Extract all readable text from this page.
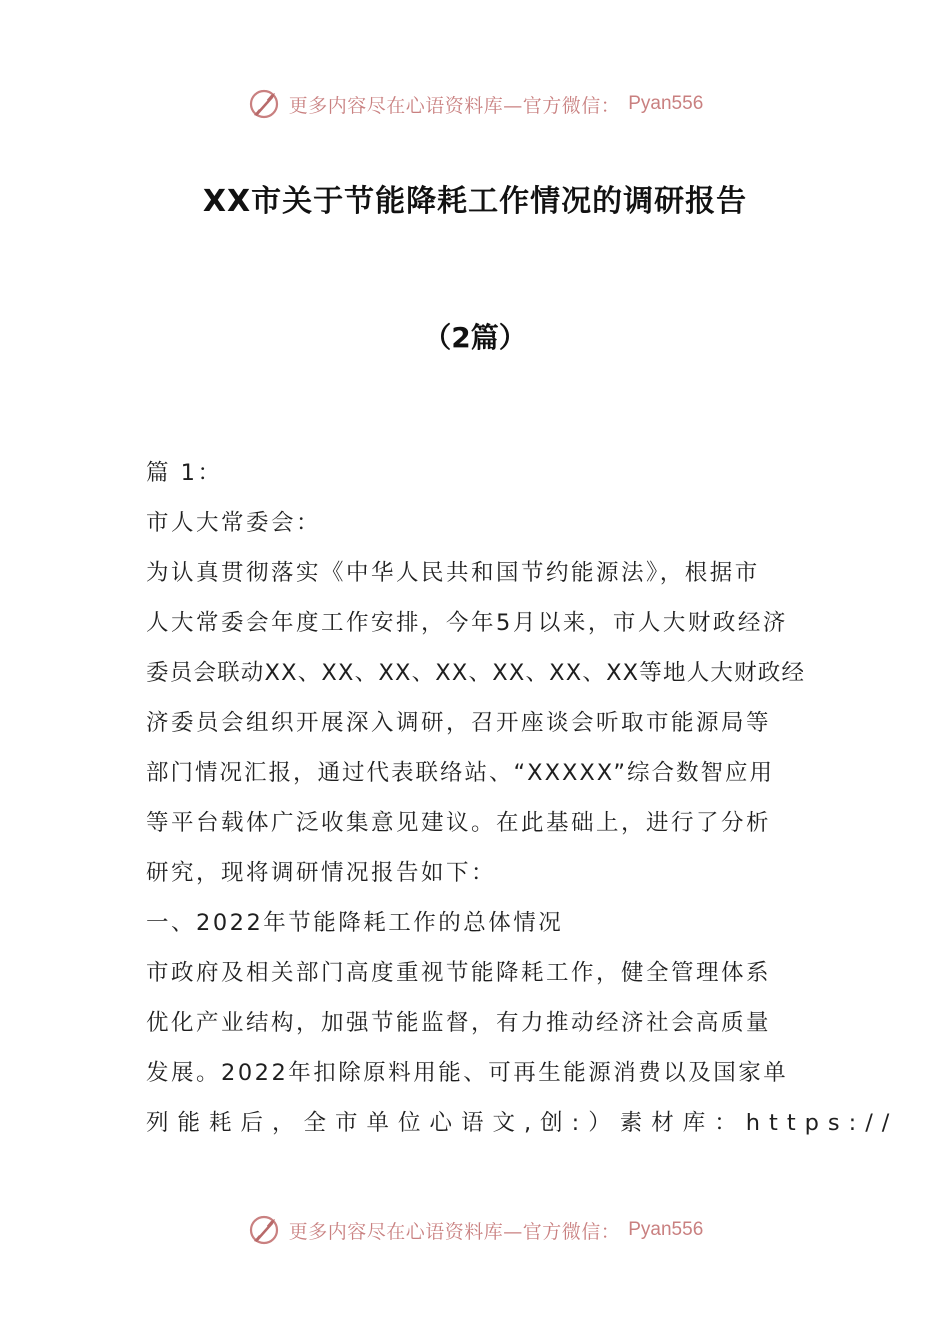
更多内容尽在心语资料库—官方微信： Pyan556
XX市关于节能降耗工作情况的调研报告
（2篇）
篇 1：
市人大常委会：
为认真贯彻落实《中华人民共和国节约能源法》，根据市
人大常委会年度工作安排，今年5月以来，市人大财政经济
委员会联动XX、XX、XX、XX、XX、XX、XX等地人大财政经
济委员会组织开展深入调研，召开座谈会听取市能源局等
部门情况汇报，通过代表联络站、“XXXXX”综合数智应用
等平台载体广泛收集意见建议。在此基础上，进行了分析
研究，现将调研情况报告如下：
一、2022年节能降耗工作的总体情况
市政府及相关部门高度重视节能降耗工作，健全管理体系
优化产业结构，加强节能监督，有力推动经济社会高质量
发展。2022年扣除原料用能、可再生能源消费以及国家单
列能耗后，全市单位心语文,创:）素材库：https://
更多内容尽在心语资料库—官方微信： Pyan556
